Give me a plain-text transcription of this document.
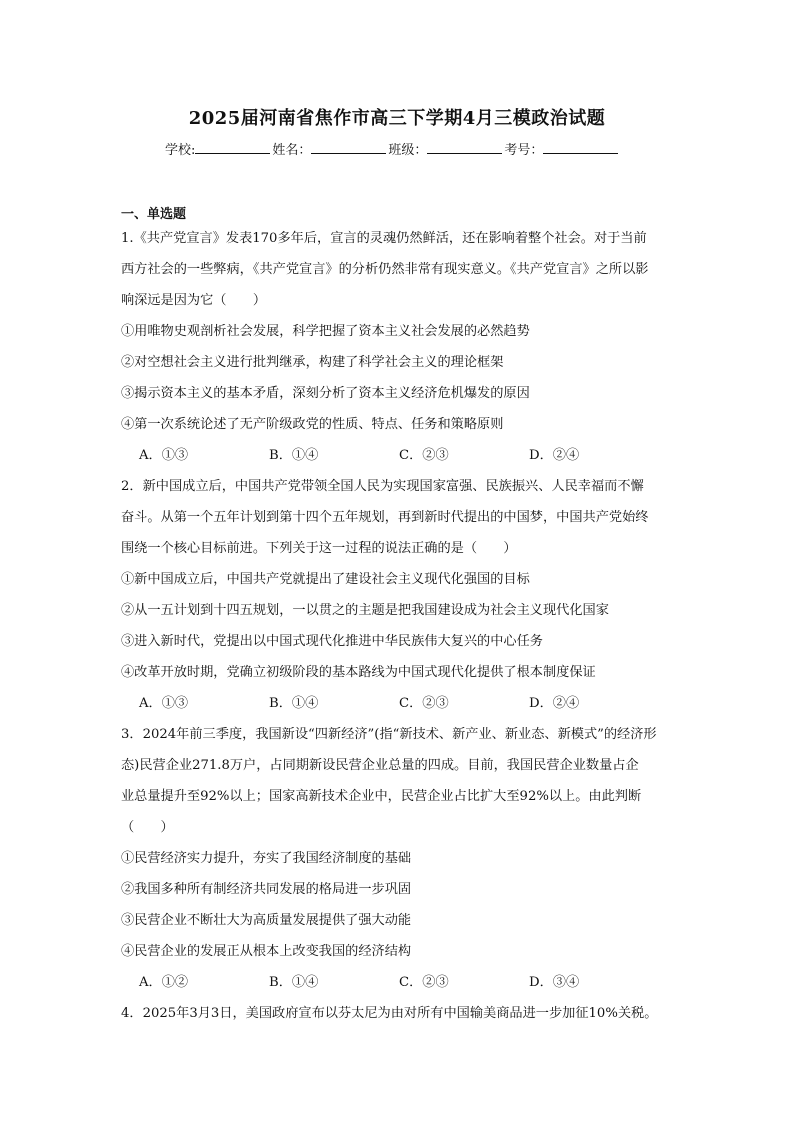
2025届河南省焦作市高三下学期4月三模政治试题
学校:	姓名：	班级：	考号：
一、单选题
1.《共产党宣言》发表170多年后，宣言的灵魂仍然鲜活，还在影响着整个社会。对于当前
西方社会的一些弊病，《共产党宣言》的分析仍然非常有现实意义。《共产党宣言》之所以影
响深远是因为它（　　）
①用唯物史观剖析社会发展，科学把握了资本主义社会发展的必然趋势
②对空想社会主义进行批判继承，构建了科学社会主义的理论框架
③揭示资本主义的基本矛盾，深刻分析了资本主义经济危机爆发的原因
④第一次系统论述了无产阶级政党的性质、特点、任务和策略原则
A．①③	B．①④	C．②③	D．②④
2．新中国成立后，中国共产党带领全国人民为实现国家富强、民族振兴、人民幸福而不懈
奋斗。从第一个五年计划到第十四个五年规划，再到新时代提出的中国梦，中国共产党始终
围绕一个核心目标前进。下列关于这一过程的说法正确的是（　　）
①新中国成立后，中国共产党就提出了建设社会主义现代化强国的目标
②从一五计划到十四五规划，一以贯之的主题是把我国建设成为社会主义现代化国家
③进入新时代，党提出以中国式现代化推进中华民族伟大复兴的中心任务
④改革开放时期，党确立初级阶段的基本路线为中国式现代化提供了根本制度保证
A．①③	B．①④	C．②③	D．②④
3．2024年前三季度，我国新设“四新经济”(指“新技术、新产业、新业态、新模式”的经济形
态)民营企业271.8万户，占同期新设民营企业总量的四成。目前，我国民营企业数量占企
业总量提升至92%以上；国家高新技术企业中，民营企业占比扩大至92%以上。由此判断
（　　）
①民营经济实力提升，夯实了我国经济制度的基础
②我国多种所有制经济共同发展的格局进一步巩固
③民营企业不断壮大为高质量发展提供了强大动能
④民营企业的发展正从根本上改变我国的经济结构
A．①②	B．①④	C．②③	D．③④
4．2025年3月3日，美国政府宣布以芬太尼为由对所有中国输美商品进一步加征10%关税。
